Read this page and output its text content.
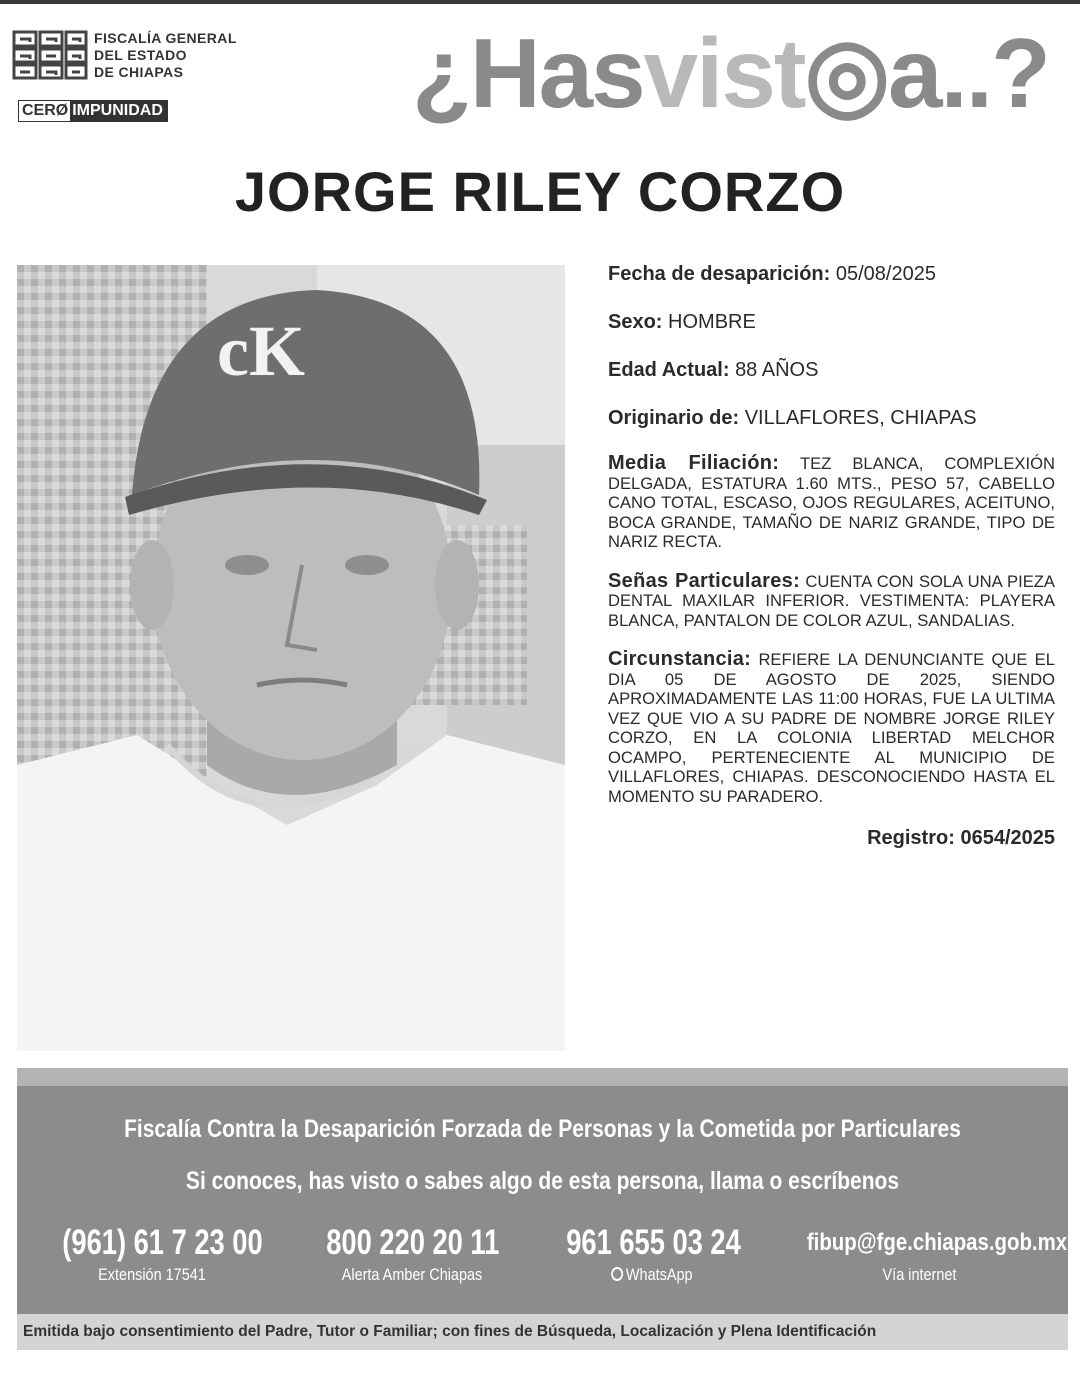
FISCALÍA GENERAL
DEL ESTADO
DE CHIAPAS
CERØ IMPUNIDAD	¿Hasvist◎a..?
JORGE RILEY CORZO
cK
Fecha de desaparición: 05/08/2025
Sexo: HOMBRE
Edad Actual: 88 AÑOS
Originario de: VILLAFLORES, CHIAPAS
Media Filiación: TEZ BLANCA, COMPLEXIÓN DELGADA, ESTATURA 1.60 MTS., PESO 57, CABELLO CANO TOTAL, ESCASO, OJOS REGULARES, ACEITUNO, BOCA GRANDE, TAMAÑO DE NARIZ GRANDE, TIPO DE NARIZ RECTA.
Señas Particulares: CUENTA CON SOLA UNA PIEZA DENTAL MAXILAR INFERIOR. VESTIMENTA: PLAYERA BLANCA, PANTALON DE COLOR AZUL, SANDALIAS.
Circunstancia: REFIERE LA DENUNCIANTE QUE EL DIA 05 DE AGOSTO DE 2025, SIENDO APROXIMADAMENTE LAS 11:00 HORAS, FUE LA ULTIMA VEZ QUE VIO A SU PADRE DE NOMBRE JORGE RILEY CORZO, EN LA COLONIA LIBERTAD MELCHOR OCAMPO, PERTENECIENTE AL MUNICIPIO DE VILLAFLORES, CHIAPAS. DESCONOCIENDO HASTA EL MOMENTO SU PARADERO.
Registro: 0654/2025
Fiscalía Contra la Desaparición Forzada de Personas y la Cometida por Particulares
Si conoces, has visto o sabes algo de esta persona, llama o escríbenos
(961) 61 7 23 00
Extensión 17541
800 220 20 11
Alerta Amber Chiapas
961 655 03 24
WhatsApp
fibup@fge.chiapas.gob.mx
Vía internet
Emitida bajo consentimiento del Padre, Tutor o Familiar; con fines de Búsqueda, Localización y Plena Identificación
